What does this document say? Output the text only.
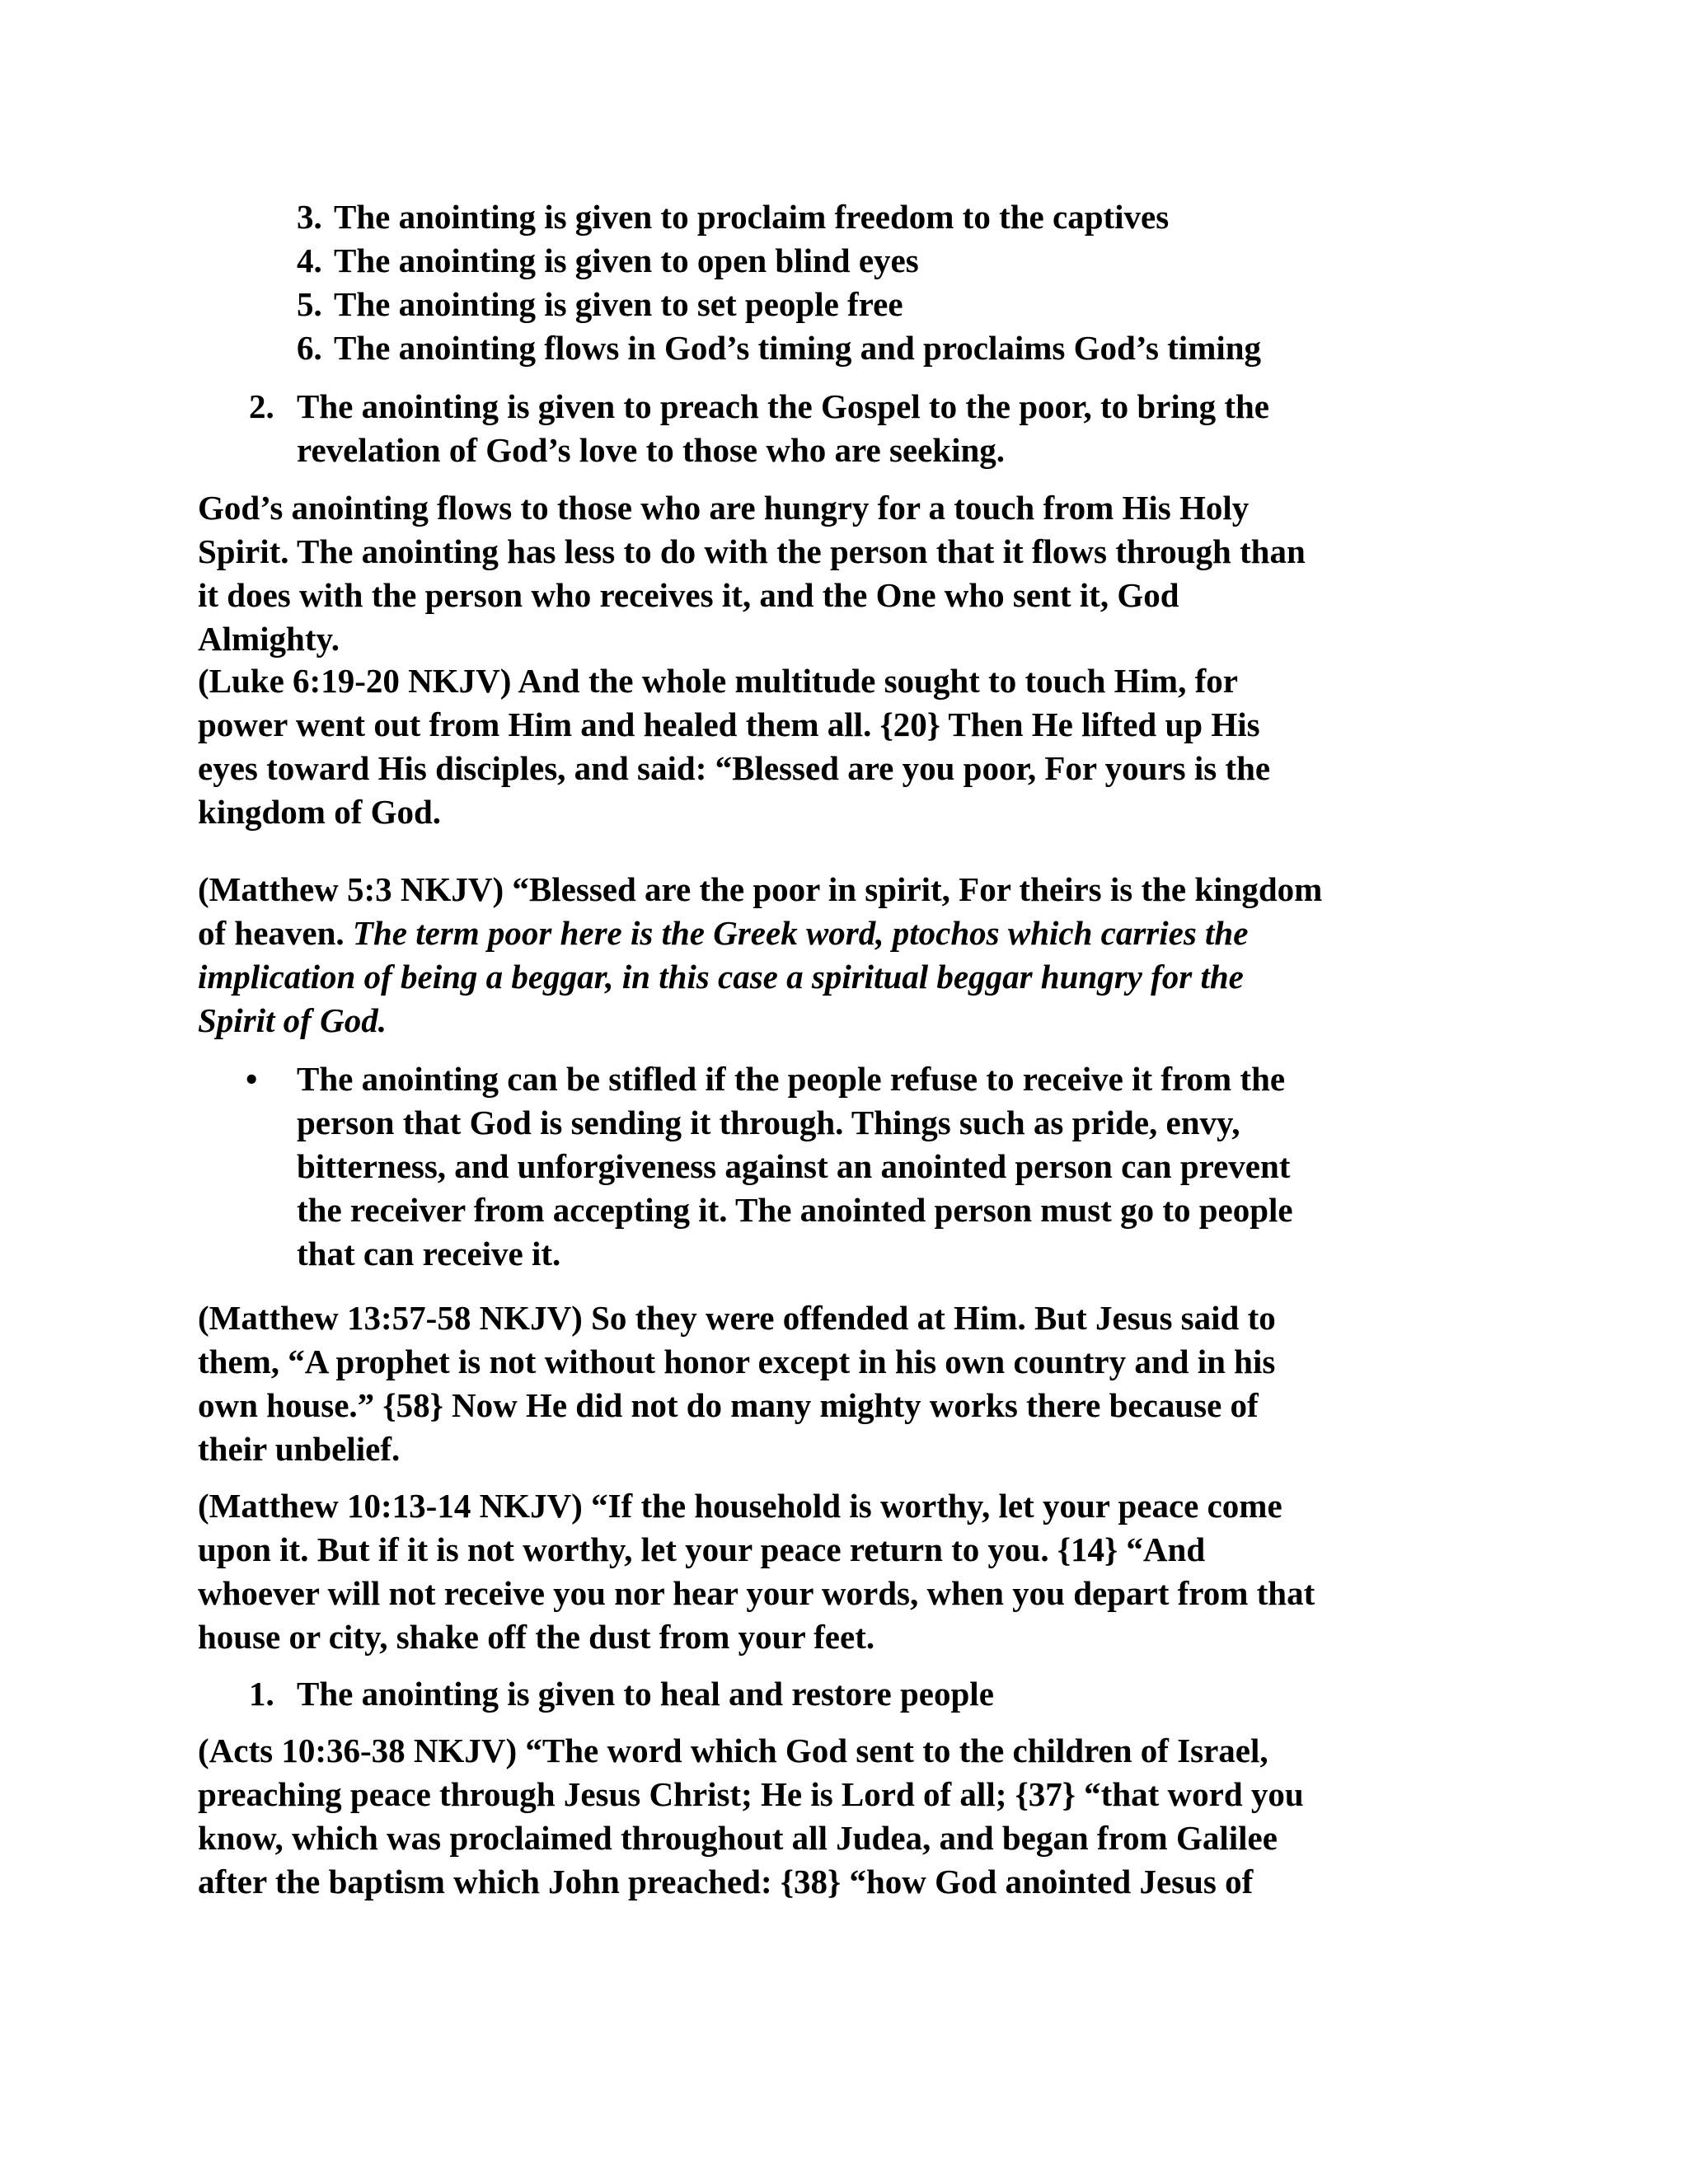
3. The anointing is given to proclaim freedom to the captives
4. The anointing is given to open blind eyes
5. The anointing is given to set people free
6. The anointing flows in God’s timing and proclaims God’s timing
2. The anointing is given to preach the Gospel to the poor, to bring the
revelation of God’s love to those who are seeking.
God’s anointing flows to those who are hungry for a touch from His Holy
Spirit. The anointing has less to do with the person that it flows through than
it does with the person who receives it, and the One who sent it, God
Almighty.
(Luke 6:19-20 NKJV) And the whole multitude sought to touch Him, for
power went out from Him and healed them all. {20} Then He lifted up His
eyes toward His disciples, and said: “Blessed are you poor, For yours is the
kingdom of God.
(Matthew 5:3 NKJV) “Blessed are the poor in spirit, For theirs is the kingdom
of heaven. The term poor here is the Greek word, ptochos which carries the
implication of being a beggar, in this case a spiritual beggar hungry for the
Spirit of God.
• The anointing can be stifled if the people refuse to receive it from the
person that God is sending it through. Things such as pride, envy,
bitterness, and unforgiveness against an anointed person can prevent
the receiver from accepting it. The anointed person must go to people
that can receive it.
(Matthew 13:57-58 NKJV) So they were offended at Him. But Jesus said to
them, “A prophet is not without honor except in his own country and in his
own house.” {58} Now He did not do many mighty works there because of
their unbelief.
(Matthew 10:13-14 NKJV) “If the household is worthy, let your peace come
upon it. But if it is not worthy, let your peace return to you. {14} “And
whoever will not receive you nor hear your words, when you depart from that
house or city, shake off the dust from your feet.
1. The anointing is given to heal and restore people
(Acts 10:36-38 NKJV) “The word which God sent to the children of Israel,
preaching peace through Jesus Christ; He is Lord of all; {37} “that word you
know, which was proclaimed throughout all Judea, and began from Galilee
after the baptism which John preached: {38} “how God anointed Jesus of
